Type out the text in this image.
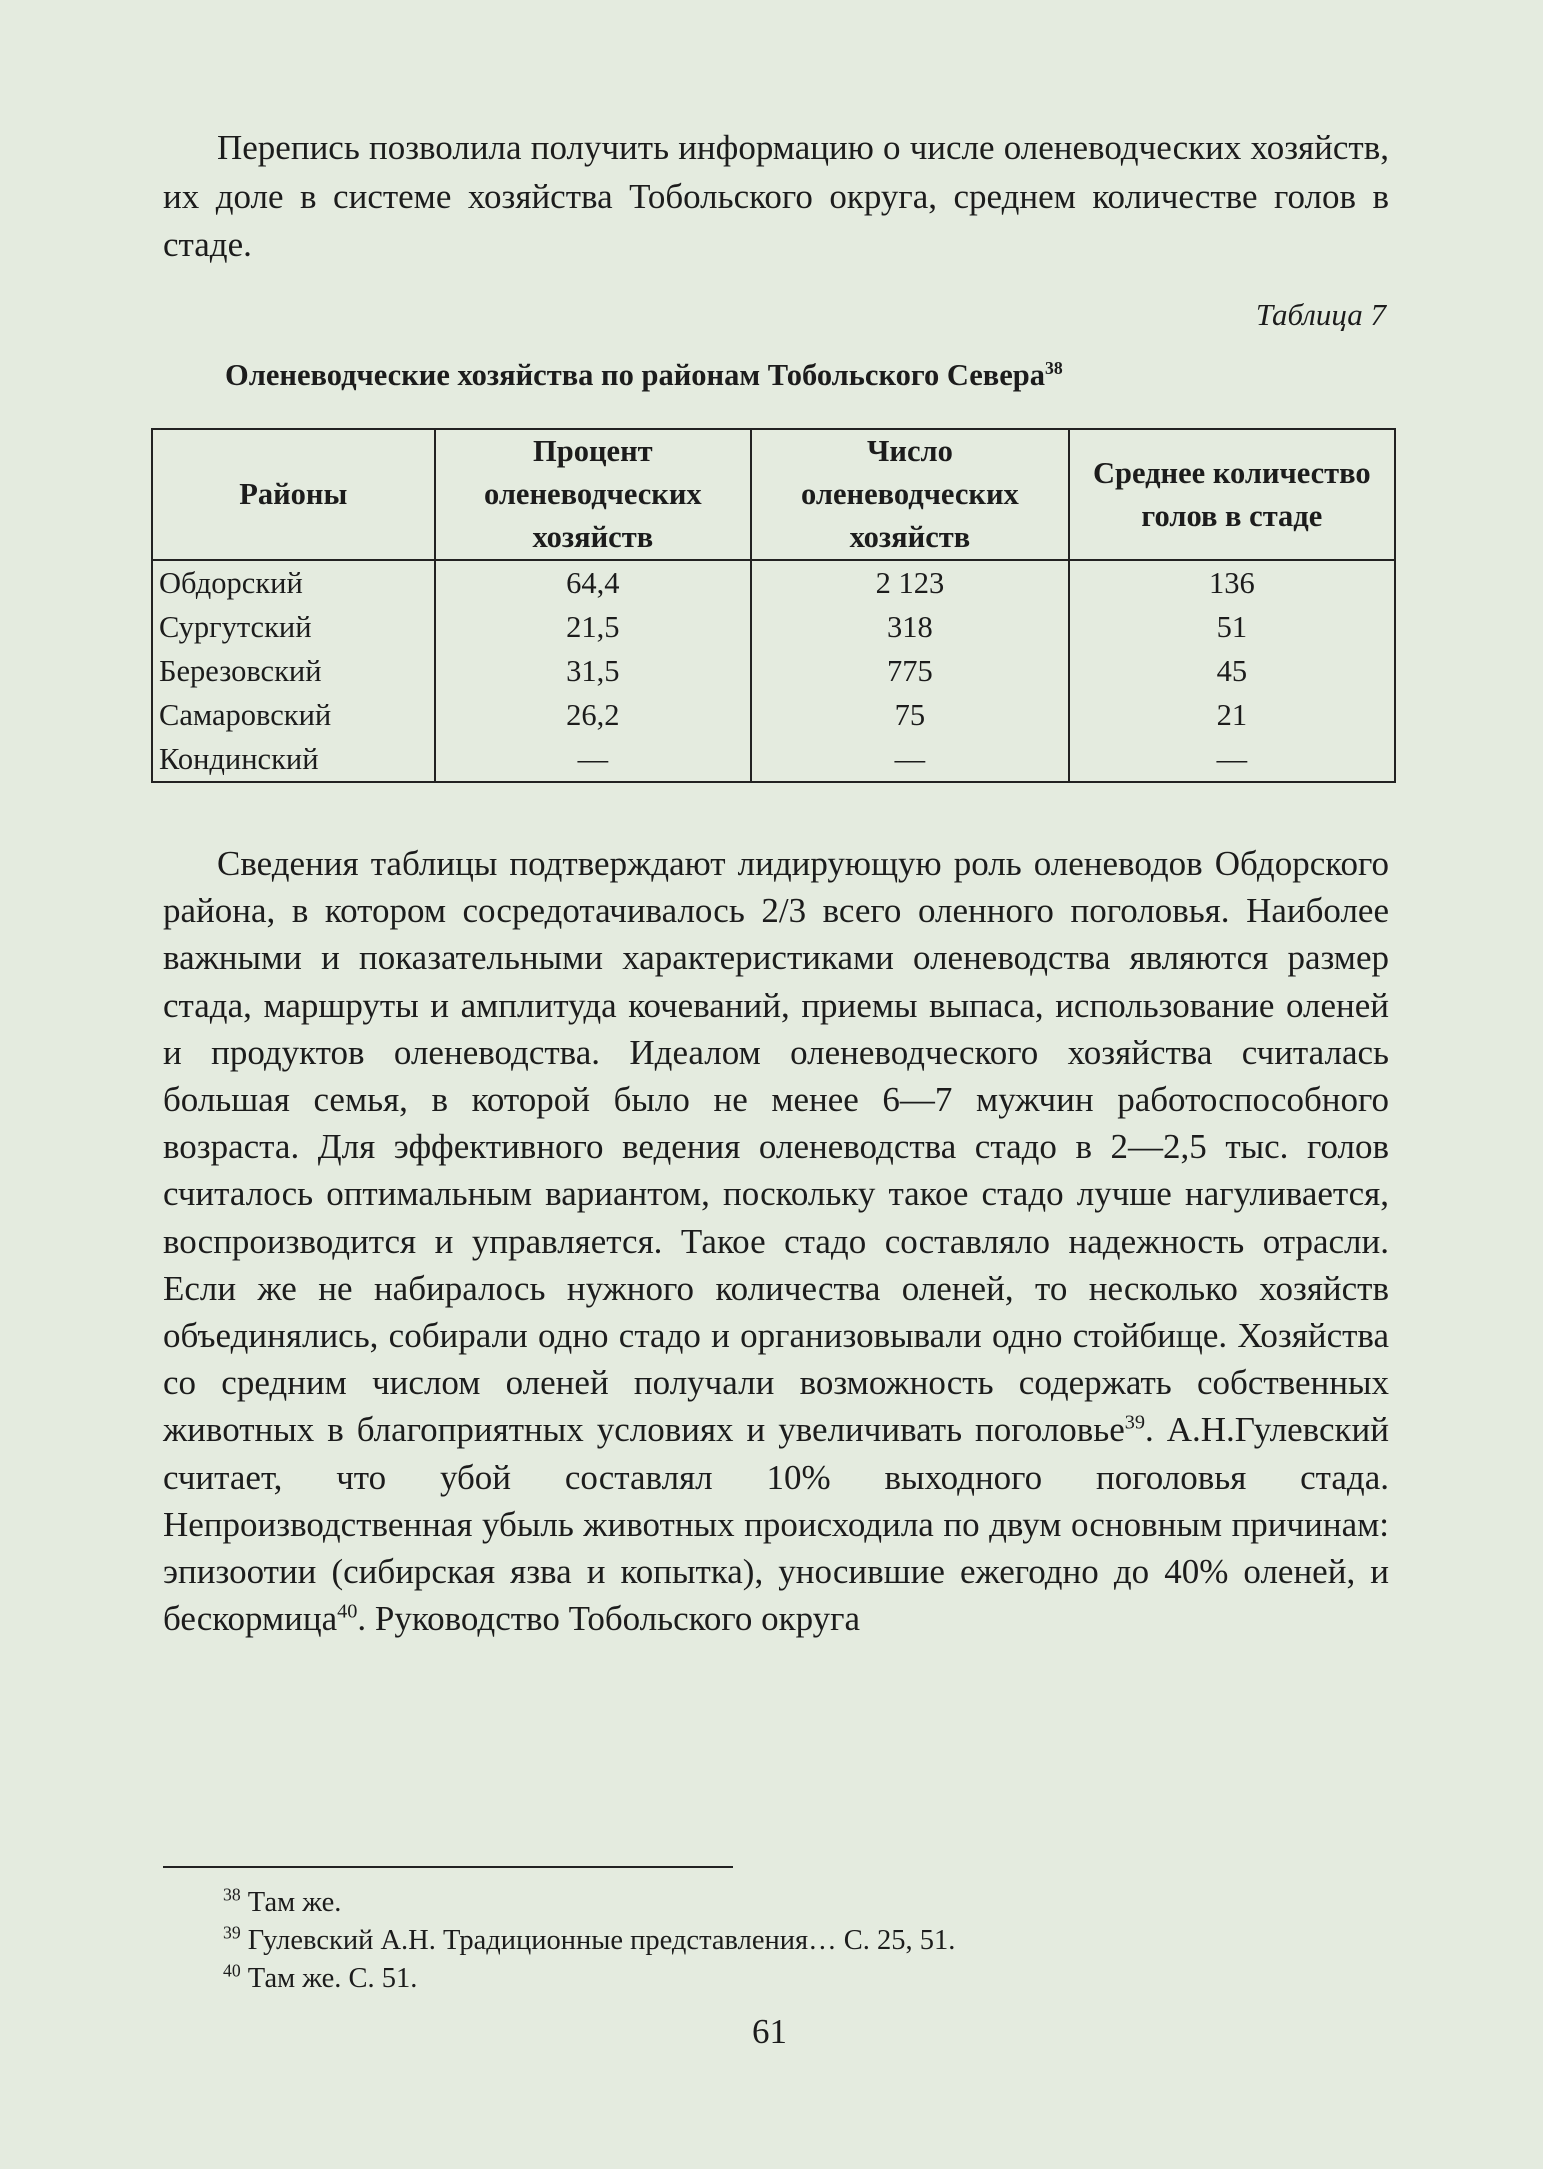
Перепись позволила получить информацию о числе оленеводческих хозяйств, их доле в системе хозяйства Тобольского округа, среднем количестве голов в стаде.
Таблица 7
Оленеводческие хозяйства по районам Тобольского Севера$^{38}$
Районы	Процент оленеводческих хозяйств	Число оленеводческих хозяйств	Среднее количество голов в стаде
Обдорский	64,4	2 123	136
Сургутский	21,5	318	51
Березовский	31,5	775	45
Самаровский	26,2	75	21
Кондинский	—	—	—
Сведения таблицы подтверждают лидирующую роль оленеводов Обдорского района, в котором сосредотачивалось 2/3 всего оленного поголовья. Наиболее важными и показательными характеристиками оленеводства являются размер стада, маршруты и амплитуда кочеваний, приемы выпаса, использование оленей и продуктов оленеводства. Идеалом оленеводческого хозяйства считалась большая семья, в которой было не менее 6—7 мужчин работоспособного возраста. Для эффективного ведения оленеводства стадо в 2—2,5 тыс. голов считалось оптимальным вариантом, поскольку такое стадо лучше нагуливается, воспроизводится и управляется. Такое стадо составляло надежность отрасли. Если же не набиралось нужного количества оленей, то несколько хозяйств объединялись, собирали одно стадо и организовывали одно стойбище. Хозяйства со средним числом оленей получали возможность содержать собственных животных в благоприятных условиях и увеличивать поголовье$^{39}$. А.Н.Гулевский считает, что убой составлял 10% выходного поголовья стада. Непроизводственная убыль животных происходила по двум основным причинам: эпизоотии (сибирская язва и копытка), уносившие ежегодно до 40% оленей, и бескормица$^{40}$. Руководство Тобольского округа
$^{38}$ Там же.
$^{39}$ Гулевский А.Н. Традиционные представления… С. 25, 51.
$^{40}$ Там же. С. 51.
61
